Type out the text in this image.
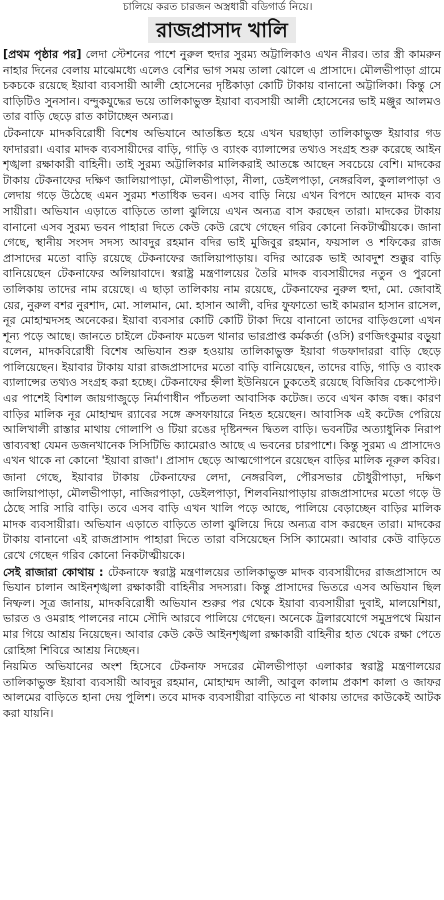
চালিয়ে করত চারজন অস্ত্রধারী বডিগার্ড নিয়ে।
রাজপ্রাসাদ খালি

[প্রথম পৃষ্ঠার পর] লেদা স্টেশনের পাশে নুরুল হুদার সুরম্য অট্টালিকাও এখন নীরব। তার স্ত্রী কামরুন নাহার দিনের বেলায় মাঝেমধ্যে এলেও বেশির ভাগ সময় তালা ঝোলে এ প্রাসাদে। মৌলভীপাড়া গ্রামে চকচকে রয়েছে ইয়াবা ব্যবসায়ী আলী হোসেনের দৃষ্টিকাড়া কোটি টাকায় বানানো অট্টালিকা। কিন্তু সে বাড়িটিও সুনসান। বন্দুকযুদ্ধের ভয়ে তালিকাভুক্ত ইয়াবা ব্যবসায়ী আলী হোসেনের ভাই মঞ্জুর আলমও তার বাড়ি ছেড়ে রাত কাটাচ্ছেন অন্যত্র।

টেকনাফে মাদকবিরোধী বিশেষ অভিযানে আতঙ্কিত হয়ে এখন ঘরছাড়া তালিকাভুক্ত ইয়াবার গডফাদাররা। এবার মাদক ব্যবসায়ীদের বাড়ি, গাড়ি ও ব্যাংক ব্যালান্সের তথ্যও সংগ্রহ শুরু করেছে আইনশৃঙ্খলা রক্ষাকারী বাহিনী। তাই সুরম্য অট্টালিকার মালিকরাই আতঙ্কে আছেন সবচেয়ে বেশি। মাদকের টাকায় টেকনাফের দক্ষিণ জালিয়াপাড়া, মৌলভীপাড়া, নীলা, ডেইলপাড়া, নেঙ্গরবিল, কুলালপাড়া ও লেদায় গড়ে উঠেছে এমন সুরম্য শতাধিক ভবন। এসব বাড়ি নিয়ে এখন বিপদে আছেন মাদক ব্যবসায়ীরা। অভিযান এড়াতে বাড়িতে তালা ঝুলিয়ে এখন অন্যত্র বাস করছেন তারা। মাদকের টাকায় বানানো এসব সুরম্য ভবন পাহারা দিতে কেউ কেউ রেখে গেছেন গরিব কোনো নিকটাত্মীয়কে। জানা গেছে, স্থানীয় সংসদ সদস্য আবদুর রহমান বদির ভাই মুজিবুর রহমান, ফয়সাল ও শফিকের রাজপ্রাসাদের মতো বাড়ি রয়েছে টেকনাফের জালিয়াপাড়ায়। বদির আরেক ভাই আবদুশ শুক্কুর বাড়ি বানিয়েছেন টেকনাফের অলিয়াবাদে। স্বরাষ্ট্র মন্ত্রণালয়ের তৈরি মাদক ব্যবসায়ীদের নতুন ও পুরনো তালিকায় তাদের নাম রয়েছে। এ ছাড়া তালিকায় নাম রয়েছে, টেকনাফের নুরুল হুদা, মো. জোবাইয়ের, নুরুল বশর নুরশাদ, মো. সালমান, মো. হাসান আলী, বদির ফুফাতো ভাই কামরান হাসান রাসেল, নূর মোহাম্মদসহ অনেকের। ইয়াবা ব্যবসার কোটি কোটি টাকা দিয়ে বানানো তাদের বাড়িগুলো এখন শূন্য পড়ে আছে। জানতে চাইলে টেকনাফ মডেল থানার ভারপ্রাপ্ত কর্মকর্তা (ওসি) রণজিৎকুমার বড়ুয়া বলেন, মাদকবিরোধী বিশেষ অভিযান শুরু হওয়ায় তালিকাভুক্ত ইয়াবা গডফাদাররা বাড়ি ছেড়ে পালিয়েছেন। ইয়াবার টাকায় যারা রাজপ্রাসাদের মতো বাড়ি বানিয়েছেন, তাদের বাড়ি, গাড়ি ও ব্যাংক ব্যালান্সের তথ্যও সংগ্রহ করা হচ্ছে। টেকনাফের হ্নীলা ইউনিয়নে ঢুকতেই রয়েছে বিজিবির চেকপোস্ট। এর পাশেই বিশাল জায়গাজুড়ে নির্মাণাধীন পাঁচতলা আবাসিক কটেজ। তবে এখন কাজ বন্ধ। কারণ বাড়ির মালিক নূর মোহাম্মদ র‌্যাবের সঙ্গে ক্রসফায়ারে নিহত হয়েছেন। আবাসিক এই কটেজ পেরিয়ে আলিখালী রাস্তার মাথায় গোলাপি ও টিয়া রঙের দৃষ্টিনন্দন দ্বিতল বাড়ি। ভবনটির অত্যাধুনিক নিরাপত্তাব্যবস্থা যেমন ডজনখানেক সিসিটিভি ক্যামেরাও আছে এ ভবনের চারপাশে। কিন্তু সুরম্য এ প্রাসাদেও এখন থাকে না কোনো 'ইয়াবা রাজা'। প্রাসাদ ছেড়ে আত্মগোপনে রয়েছেন বাড়ির মালিক নূরুল কবির।

জানা গেছে, ইয়াবার টাকায় টেকনাফের লেদা, নেঙ্গরবিল, পৌরসভার চৌধুরীপাড়া, দক্ষিণ জালিয়াপাড়া, মৌলভীপাড়া, নাজিরপাড়া, ডেইলপাড়া, শিলবনিয়াপাড়ায় রাজপ্রাসাদের মতো গড়ে উঠেছে সারি সারি বাড়ি। তবে এসব বাড়ি এখন খালি পড়ে আছে, পালিয়ে বেড়াচ্ছেন বাড়ির মালিক মাদক ব্যবসায়ীরা। অভিযান এড়াতে বাড়িতে তালা ঝুলিয়ে দিয়ে অন্যত্র বাস করছেন তারা। মাদকের টাকায় বানানো এই রাজপ্রাসাদ পাহারা দিতে তারা বসিয়েছেন সিসি ক্যামেরা। আবার কেউ বাড়িতে রেখে গেছেন গরিব কোনো নিকটাত্মীয়কে।

সেই রাজারা কোথায় : টেকনাফে স্বরাষ্ট্র মন্ত্রণালয়ের তালিকাভুক্ত মাদক ব্যবসায়ীদের রাজপ্রাসাদে অভিযান চালান আইনশৃঙ্খলা রক্ষাকারী বাহিনীর সদস্যরা। কিন্তু প্রাসাদের ভিতরে এসব অভিযান ছিল নিষ্ফল। সূত্র জানায়, মাদকবিরোধী অভিযান শুরুর পর থেকে ইয়াবা ব্যবসায়ীরা দুবাই, মালয়েশিয়া, ভারত ও ওমরাহ পালনের নামে সৌদি আরবে পালিয়ে গেছেন। অনেকে ট্রলারযোগে সমুদ্রপথে মিয়ানমার গিয়ে আশ্রয় নিয়েছেন। আবার কেউ কেউ আইনশৃঙ্খলা রক্ষাকারী বাহিনীর হাত থেকে রক্ষা পেতে রোহিঙ্গা শিবিরে আশ্রয় নিচ্ছেন।

নিয়মিত অভিযানের অংশ হিসেবে টেকনাফ সদরের মৌলভীপাড়া এলাকার স্বরাষ্ট্র মন্ত্রণালয়ের তালিকাভুক্ত ইয়াবা ব্যবসায়ী আবদুর রহমান, মোহাম্মদ আলী, আবুল কালাম প্রকাশ কালা ও জাফর আলমের বাড়িতে হানা দেয় পুলিশ। তবে মাদক ব্যবসায়ীরা বাড়িতে না থাকায় তাদের কাউকেই আটক করা যায়নি।
